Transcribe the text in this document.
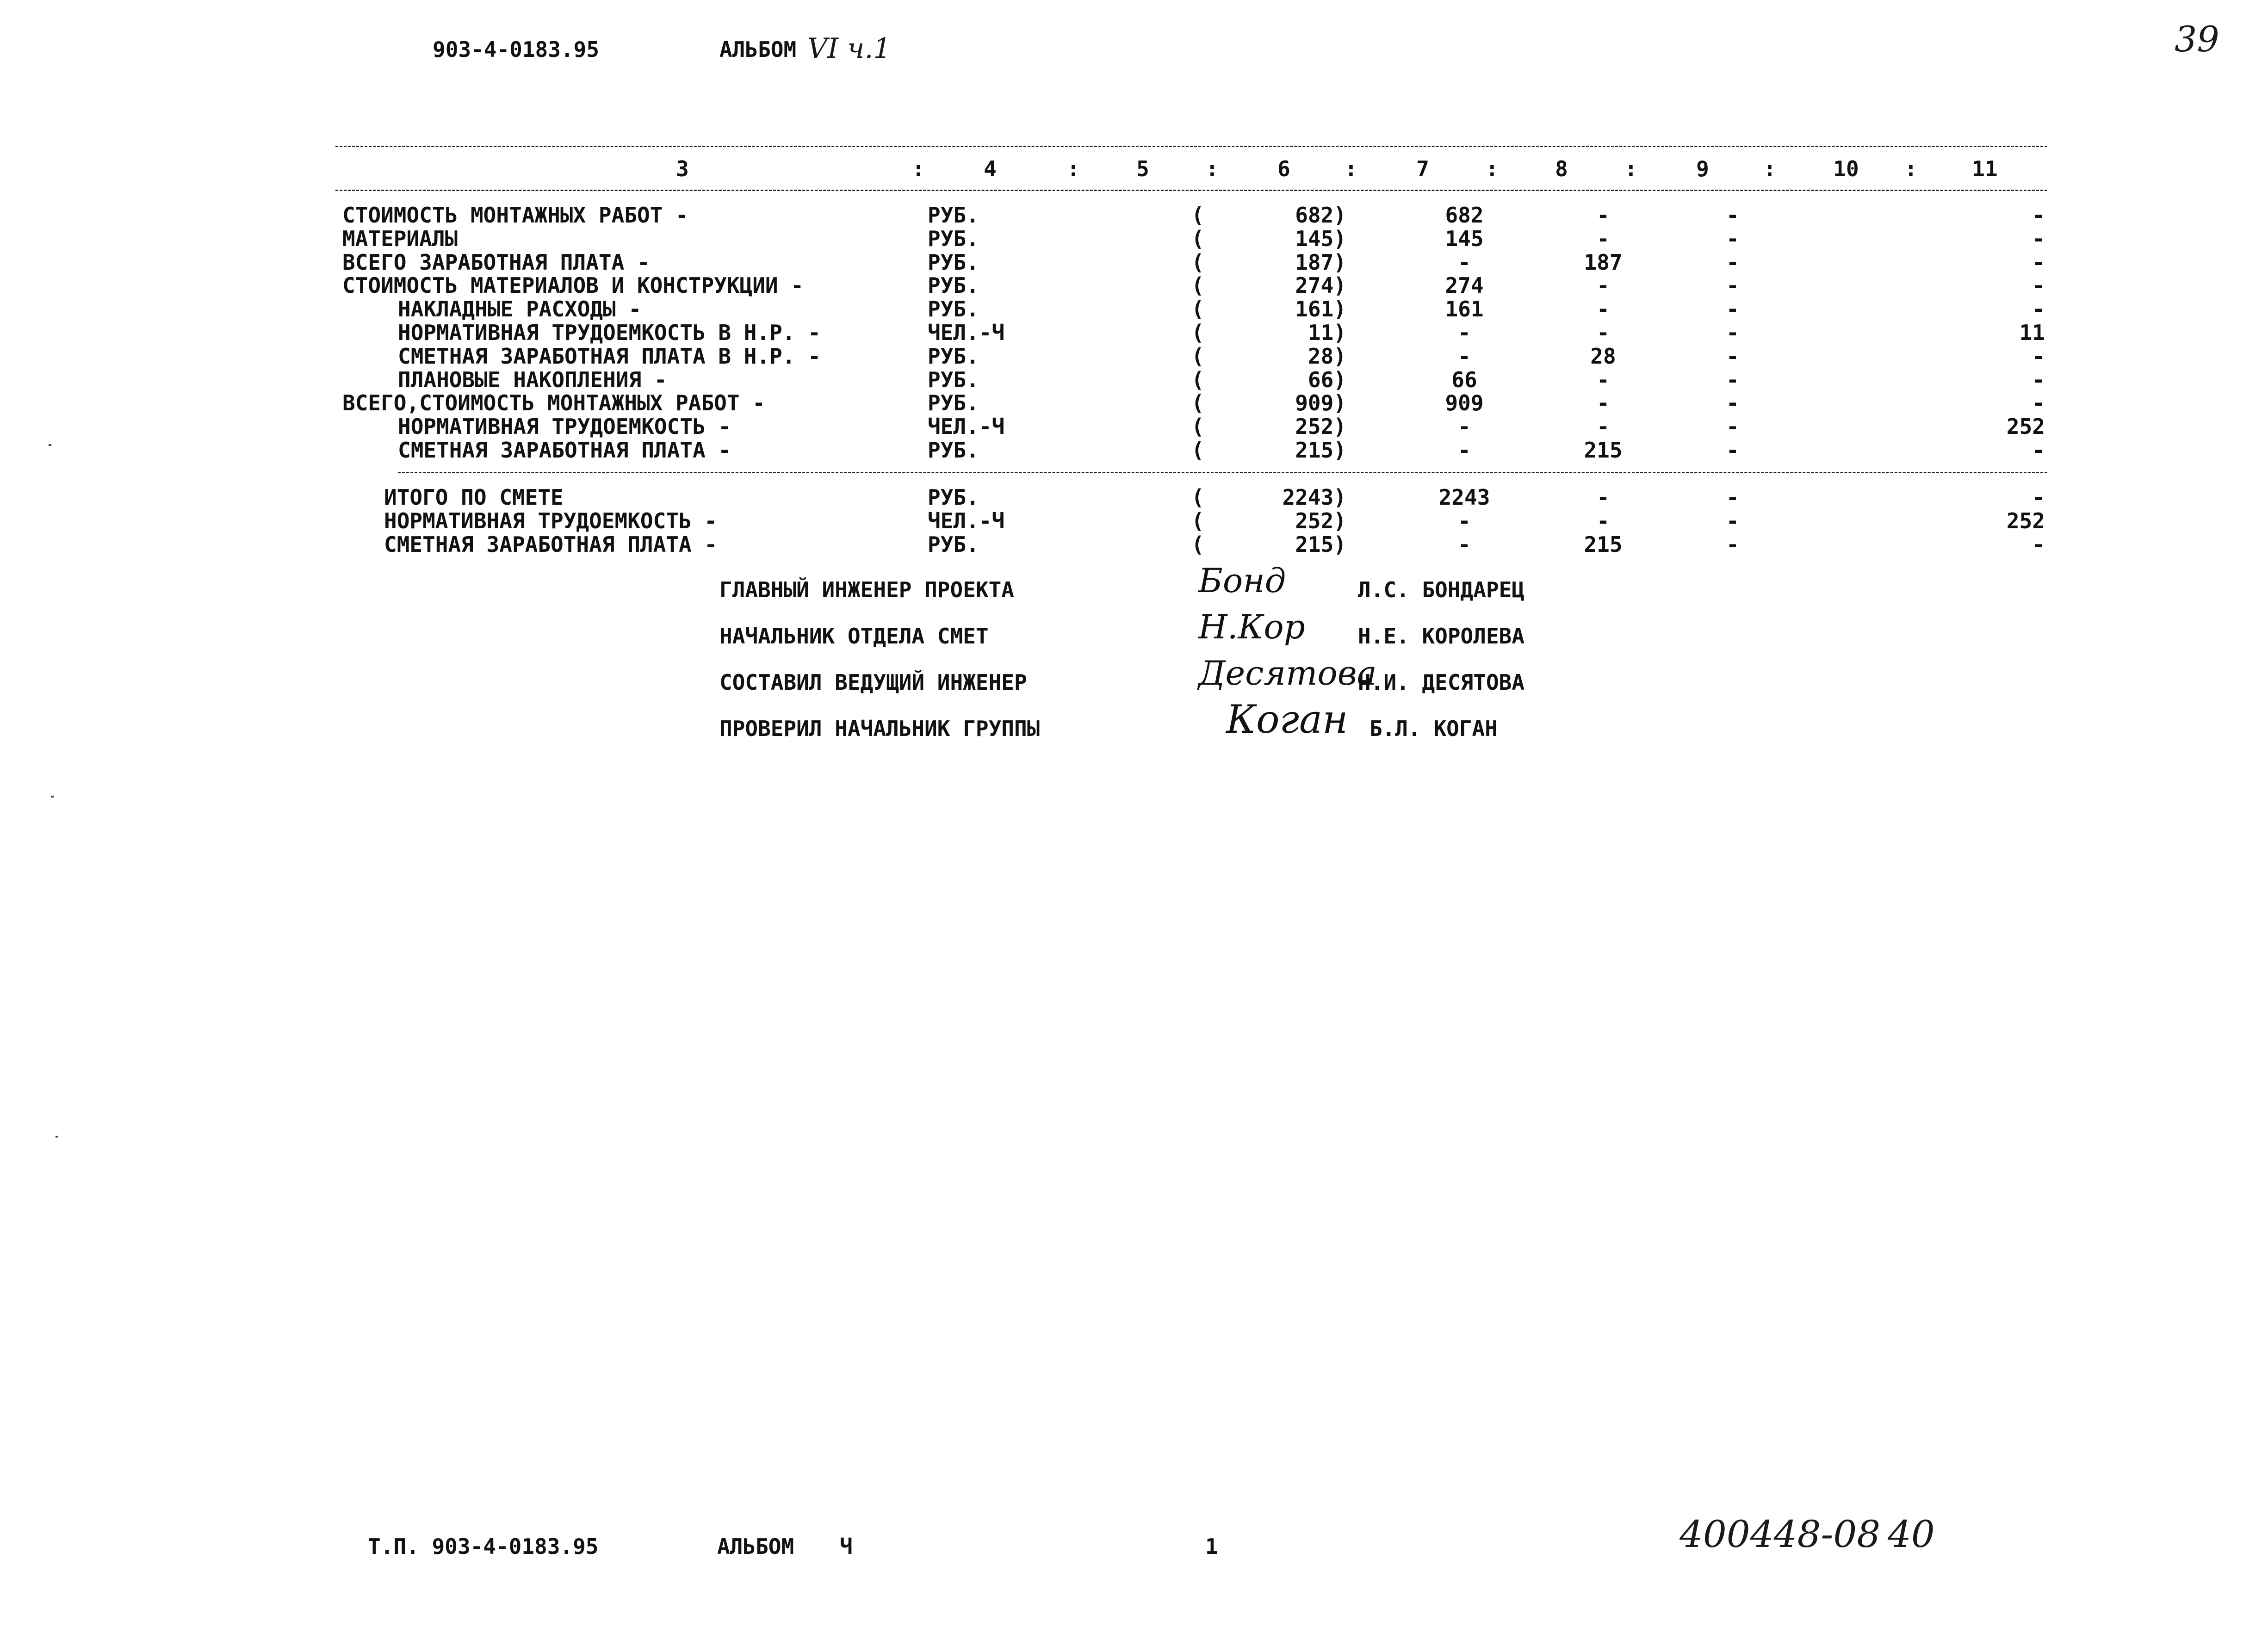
903-4-0183.95	АЛЬБОМ VI ч.1	39
3	:	4	:	5	:	6	:	7	:	8	:	9	:	10	:	11
СТОИМОСТЬ МОНТАЖНЫХ РАБОТ -	РУБ.	(	682)	682	-	-	-
МАТЕРИАЛЫ	РУБ.	(	145)	145	-	-	-
ВСЕГО ЗАРАБОТНАЯ ПЛАТА -	РУБ.	(	187)	-	187	-	-
СТОИМОСТЬ МАТЕРИАЛОВ И КОНСТРУКЦИИ -	РУБ.	(	274)	274	-	-	-
НАКЛАДНЫЕ РАСХОДЫ -	РУБ.	(	161)	161	-	-	-
НОРМАТИВНАЯ ТРУДОЕМКОСТЬ В Н.Р. -	ЧЕЛ.-Ч	(	11)	-	-	-	11
СМЕТНАЯ ЗАРАБОТНАЯ ПЛАТА В Н.Р. -	РУБ.	(	28)	-	28	-	-
ПЛАНОВЫЕ НАКОПЛЕНИЯ -	РУБ.	(	66)	66	-	-	-
ВСЕГО,СТОИМОСТЬ МОНТАЖНЫХ РАБОТ -	РУБ.	(	909)	909	-	-	-
НОРМАТИВНАЯ ТРУДОЕМКОСТЬ -	ЧЕЛ.-Ч	(	252)	-	-	-	252
СМЕТНАЯ ЗАРАБОТНАЯ ПЛАТА -	РУБ.	(	215)	-	215	-	-
ИТОГО ПО СМЕТЕ	РУБ.	(	2243)	2243	-	-	-
НОРМАТИВНАЯ ТРУДОЕМКОСТЬ -	ЧЕЛ.-Ч	(	252)	-	-	-	252
СМЕТНАЯ ЗАРАБОТНАЯ ПЛАТА -	РУБ.	(	215)	-	215	-	-
ГЛАВНЫЙ ИНЖЕНЕР ПРОЕКТА	Бонд	Л.С. БОНДАРЕЦ
НАЧАЛЬНИК ОТДЕЛА СМЕТ	Н.Кор Н.Е. КОРОЛЕВА
СОСТАВИЛ ВЕДУЩИЙ ИНЖЕНЕР	Десятова
Н.И. ДЕСЯТОВА
ПРОВЕРИЛ НАЧАЛЬНИК ГРУППЫ	Коган Б.Л. КОГАН
Т.П. 903-4-0183.95	АЛЬБОМ Ч	1	400448-08 40
